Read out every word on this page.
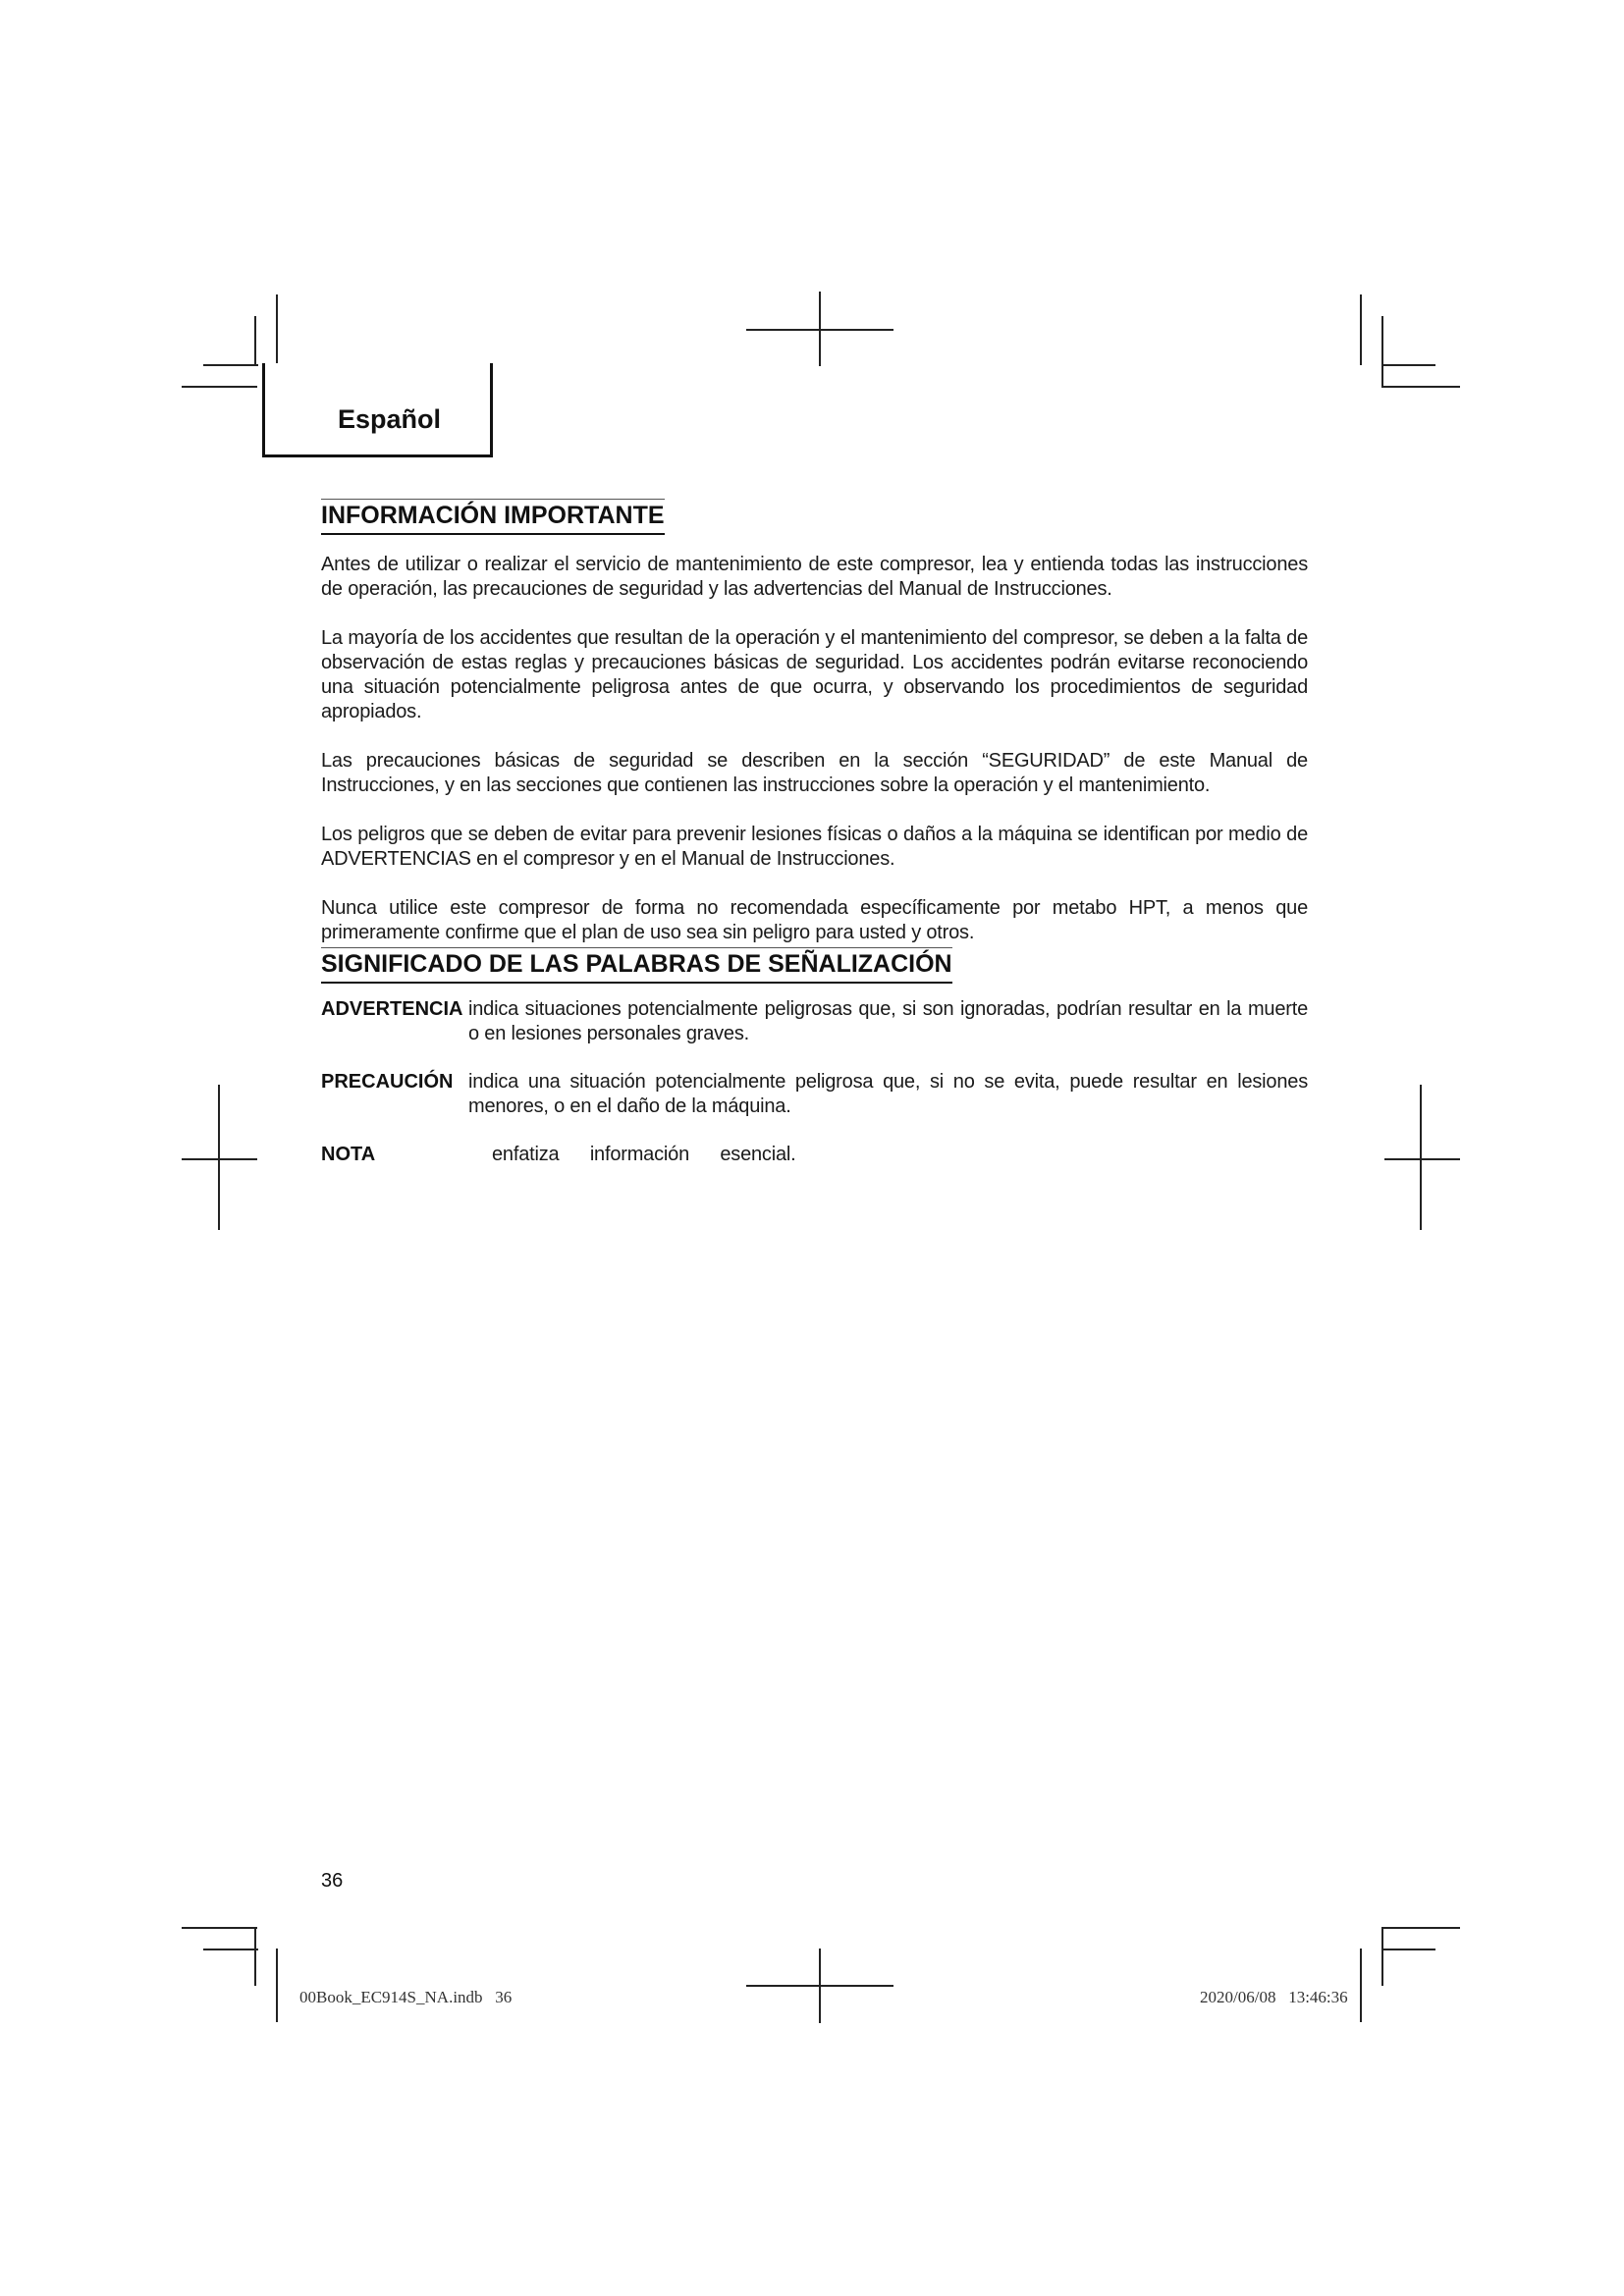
Español
INFORMACIÓN IMPORTANTE

Antes de utilizar o realizar el servicio de mantenimiento de este compresor, lea y entienda todas las instrucciones de operación, las precauciones de seguridad y las advertencias del Manual de Instrucciones.

La mayoría de los accidentes que resultan de la operación y el mantenimiento del compresor, se deben a la falta de observación de estas reglas y precauciones básicas de seguridad. Los accidentes podrán evitarse reconociendo una situación potencialmente peligrosa antes de que ocurra, y observando los procedimientos de seguridad apropiados.

Las precauciones básicas de seguridad se describen en la sección “SEGURIDAD” de este Manual de Instrucciones, y en las secciones que contienen las instrucciones sobre la operación y el mantenimiento.

Los peligros que se deben de evitar para prevenir lesiones físicas o daños a la máquina se identifican por medio de ADVERTENCIAS en el compresor y en el Manual de Instrucciones.

Nunca utilice este compresor de forma no recomendada específicamente por metabo HPT, a menos que primeramente confirme que el plan de uso sea sin peligro para usted y otros.

SIGNIFICADO DE LAS PALABRAS DE SEÑALIZACIÓN
ADVERTENCIA indica situaciones potencialmente peligrosas que, si son ignoradas, podrían resultar en la muerte o en lesiones personales graves.
PRECAUCIÓN indica una situación potencialmente peligrosa que, si no se evita, puede resultar en lesiones menores, o en el daño de la máquina.
NOTA	enfatiza información esencial.
36
00Book_EC914S_NA.indb   36	2020/06/08   13:46:36
